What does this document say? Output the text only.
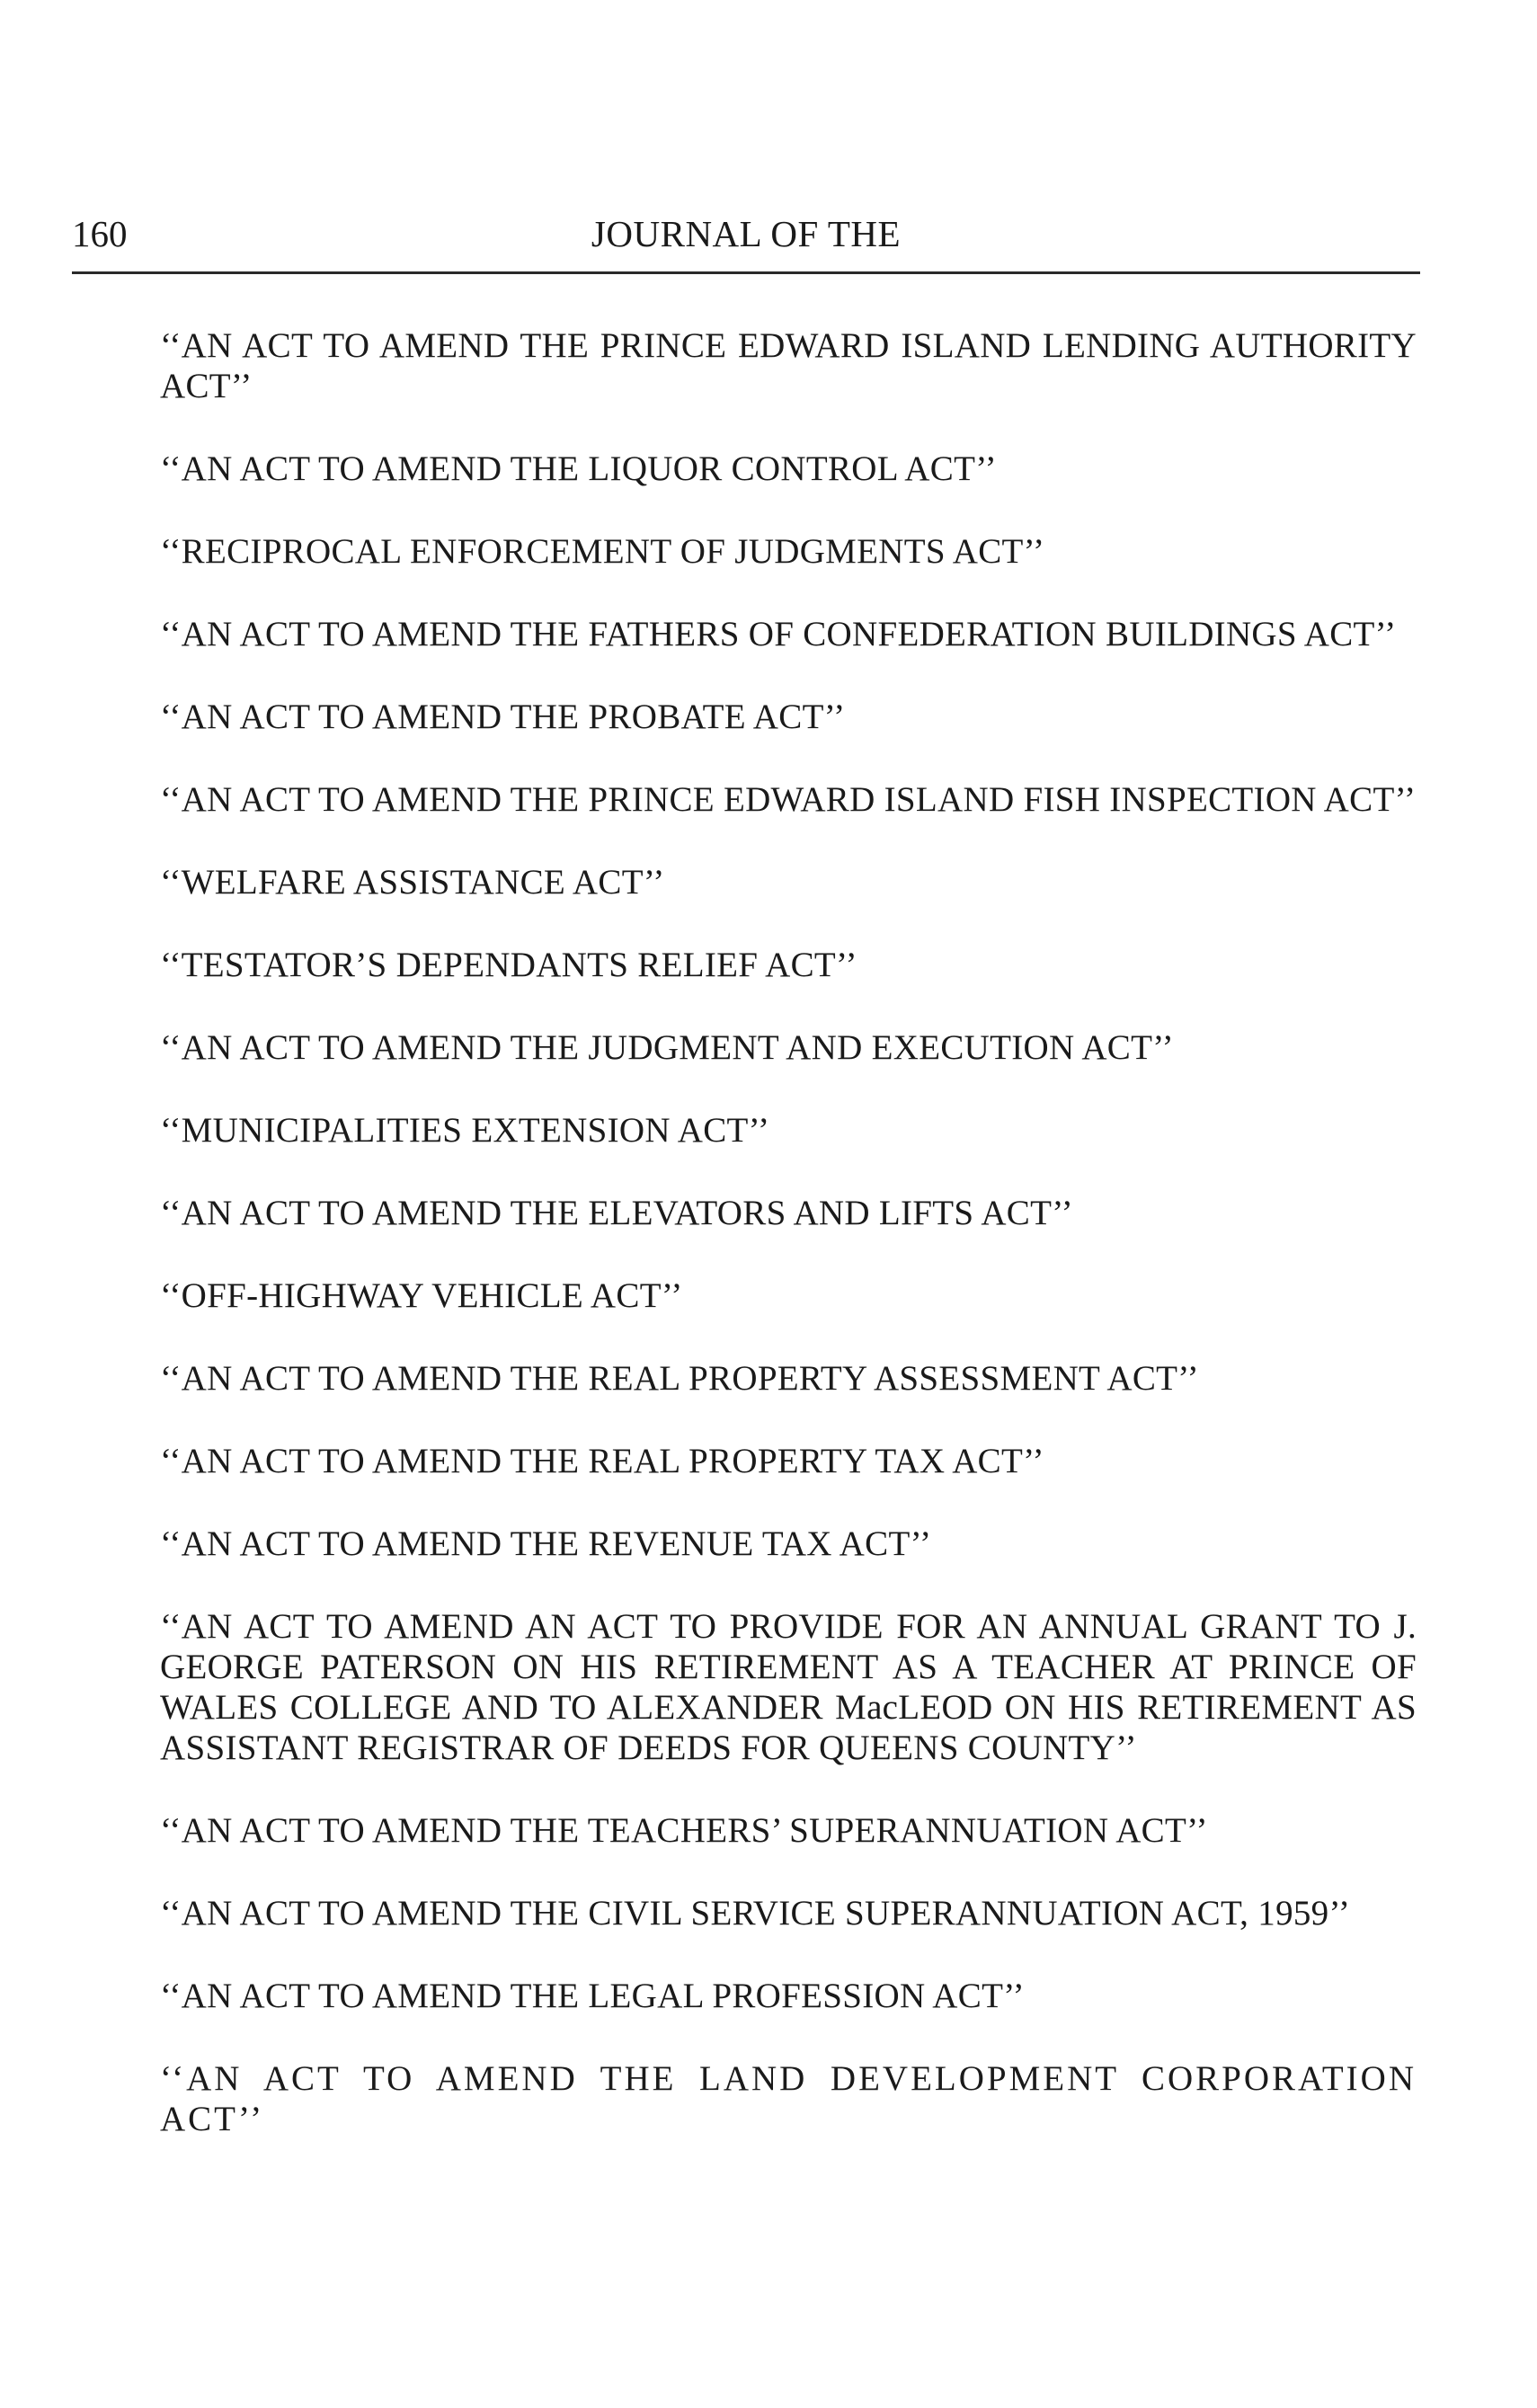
160	JOURNAL OF THE

‘‘AN ACT TO AMEND THE PRINCE EDWARD ISLAND LENDING AUTHORITY ACT’’

‘‘AN ACT TO AMEND THE LIQUOR CONTROL ACT’’

‘‘RECIPROCAL ENFORCEMENT OF JUDGMENTS ACT’’

‘‘AN ACT TO AMEND THE FATHERS OF CONFEDERATION BUILDINGS ACT’’

‘‘AN ACT TO AMEND THE PROBATE ACT’’

‘‘AN ACT TO AMEND THE PRINCE EDWARD ISLAND FISH INSPECTION ACT’’

‘‘WELFARE ASSISTANCE ACT’’

‘‘TESTATOR’S DEPENDANTS RELIEF ACT’’

‘‘AN ACT TO AMEND THE JUDGMENT AND EXECUTION ACT’’

‘‘MUNICIPALITIES EXTENSION ACT’’

‘‘AN ACT TO AMEND THE ELEVATORS AND LIFTS ACT’’

‘‘OFF-HIGHWAY VEHICLE ACT’’

‘‘AN ACT TO AMEND THE REAL PROPERTY ASSESSMENT ACT’’

‘‘AN ACT TO AMEND THE REAL PROPERTY TAX ACT’’

‘‘AN ACT TO AMEND THE REVENUE TAX ACT’’

‘‘AN ACT TO AMEND AN ACT TO PROVIDE FOR AN ANNUAL GRANT TO J. GEORGE PATERSON ON HIS RETIREMENT AS A TEACHER AT PRINCE OF WALES COLLEGE AND TO ALEXANDER MacLEOD ON HIS RETIREMENT AS ASSISTANT REGISTRAR OF DEEDS FOR QUEENS COUNTY’’

‘‘AN ACT TO AMEND THE TEACHERS’ SUPERANNUATION ACT’’

‘‘AN ACT TO AMEND THE CIVIL SERVICE SUPERANNUATION ACT, 1959’’

‘‘AN ACT TO AMEND THE LEGAL PROFESSION ACT’’

‘‘AN ACT TO AMEND THE LAND DEVELOPMENT CORPORATION ACT’’
